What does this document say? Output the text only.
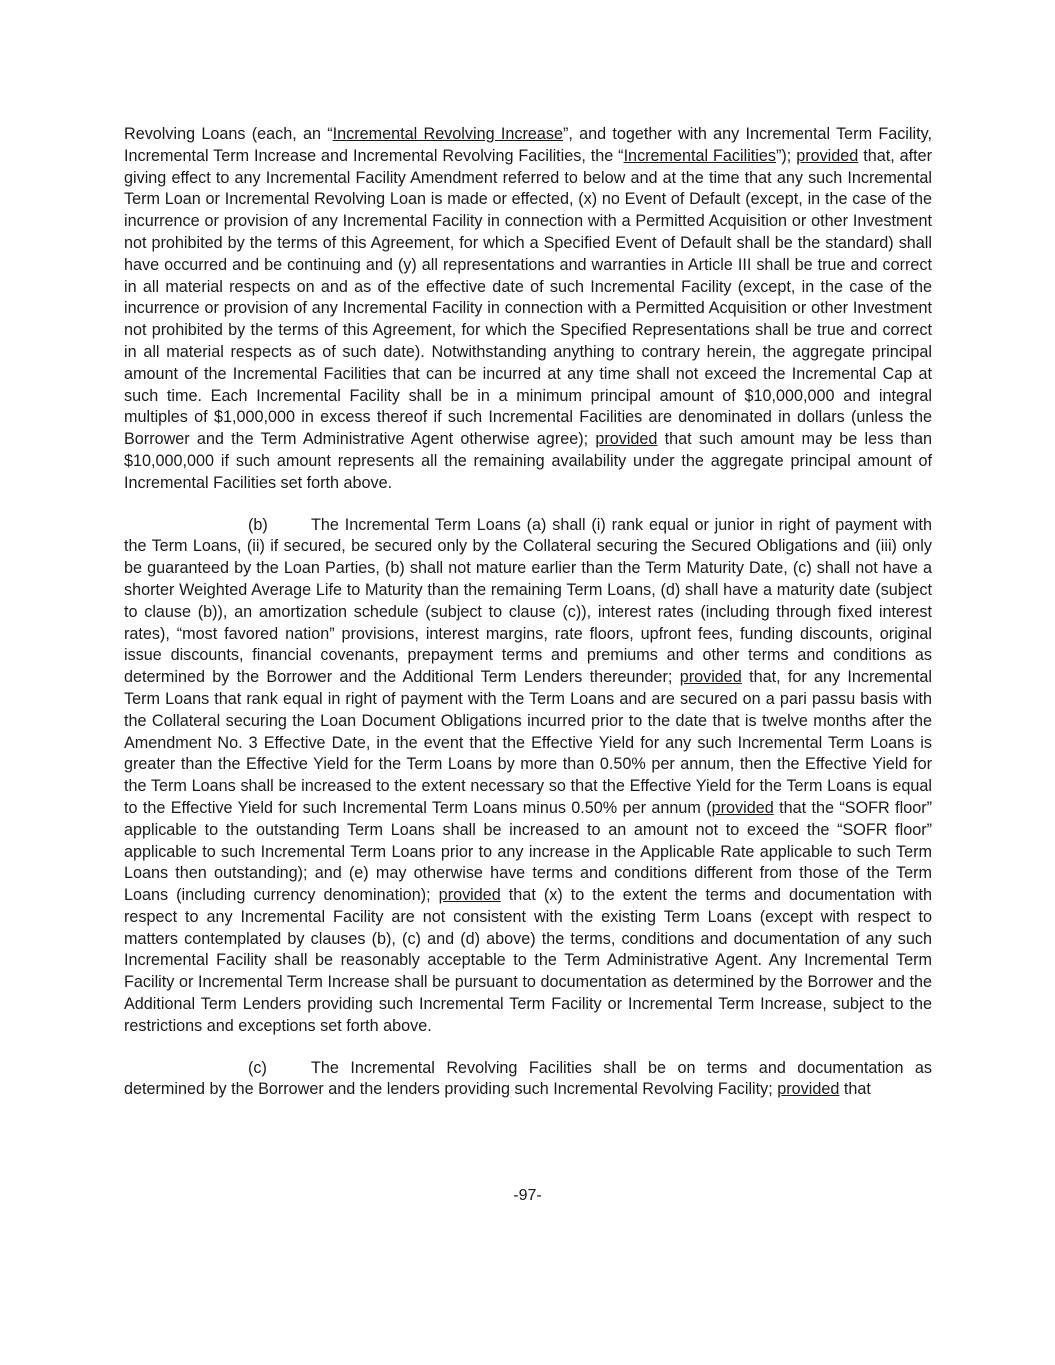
Revolving Loans (each, an “Incremental Revolving Increase”, and together with any Incremental Term Facility, Incremental Term Increase and Incremental Revolving Facilities, the “Incremental Facilities”); provided that, after giving effect to any Incremental Facility Amendment referred to below and at the time that any such Incremental Term Loan or Incremental Revolving Loan is made or effected, (x) no Event of Default (except, in the case of the incurrence or provision of any Incremental Facility in connection with a Permitted Acquisition or other Investment not prohibited by the terms of this Agreement, for which a Specified Event of Default shall be the standard) shall have occurred and be continuing and (y) all representations and warranties in Article III shall be true and correct in all material respects on and as of the effective date of such Incremental Facility (except, in the case of the incurrence or provision of any Incremental Facility in connection with a Permitted Acquisition or other Investment not prohibited by the terms of this Agreement, for which the Specified Representations shall be true and correct in all material respects as of such date). Notwithstanding anything to contrary herein, the aggregate principal amount of the Incremental Facilities that can be incurred at any time shall not exceed the Incremental Cap at such time. Each Incremental Facility shall be in a minimum principal amount of $10,000,000 and integral multiples of $1,000,000 in excess thereof if such Incremental Facilities are denominated in dollars (unless the Borrower and the Term Administrative Agent otherwise agree); provided that such amount may be less than $10,000,000 if such amount represents all the remaining availability under the aggregate principal amount of Incremental Facilities set forth above.

(b)	The Incremental Term Loans (a) shall (i) rank equal or junior in right of payment with the Term Loans, (ii) if secured, be secured only by the Collateral securing the Secured Obligations and (iii) only be guaranteed by the Loan Parties, (b) shall not mature earlier than the Term Maturity Date, (c) shall not have a shorter Weighted Average Life to Maturity than the remaining Term Loans, (d) shall have a maturity date (subject to clause (b)), an amortization schedule (subject to clause (c)), interest rates (including through fixed interest rates), “most favored nation” provisions, interest margins, rate floors, upfront fees, funding discounts, original issue discounts, financial covenants, prepayment terms and premiums and other terms and conditions as determined by the Borrower and the Additional Term Lenders thereunder; provided that, for any Incremental Term Loans that rank equal in right of payment with the Term Loans and are secured on a pari passu basis with the Collateral securing the Loan Document Obligations incurred prior to the date that is twelve months after the Amendment No. 3 Effective Date, in the event that the Effective Yield for any such Incremental Term Loans is greater than the Effective Yield for the Term Loans by more than 0.50% per annum, then the Effective Yield for the Term Loans shall be increased to the extent necessary so that the Effective Yield for the Term Loans is equal to the Effective Yield for such Incremental Term Loans minus 0.50% per annum (provided that the “SOFR floor” applicable to the outstanding Term Loans shall be increased to an amount not to exceed the “SOFR floor” applicable to such Incremental Term Loans prior to any increase in the Applicable Rate applicable to such Term Loans then outstanding); and (e) may otherwise have terms and conditions different from those of the Term Loans (including currency denomination); provided that (x) to the extent the terms and documentation with respect to any Incremental Facility are not consistent with the existing Term Loans (except with respect to matters contemplated by clauses (b), (c) and (d) above) the terms, conditions and documentation of any such Incremental Facility shall be reasonably acceptable to the Term Administrative Agent. Any Incremental Term Facility or Incremental Term Increase shall be pursuant to documentation as determined by the Borrower and the Additional Term Lenders providing such Incremental Term Facility or Incremental Term Increase, subject to the restrictions and exceptions set forth above.

(c)	The Incremental Revolving Facilities shall be on terms and documentation as determined by the Borrower and the lenders providing such Incremental Revolving Facility; provided that

-97-
